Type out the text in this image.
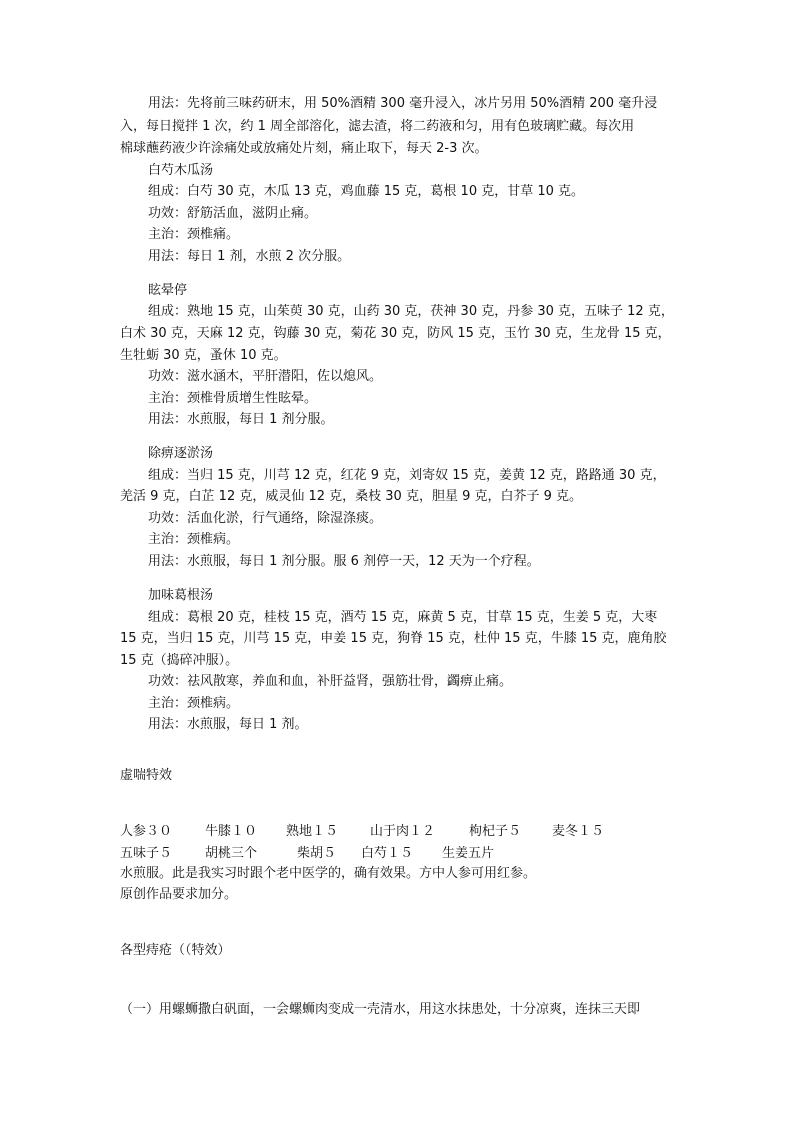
用法：先将前三味药研末，用 50%酒精 300 毫升浸入，冰片另用 50%酒精 200 毫升浸
入，每日搅拌 1 次，约 1 周全部溶化，滤去渣，将二药液和匀，用有色玻璃贮藏。每次用
棉球蘸药液少许涂痛处或放痛处片刻，痛止取下，每天 2-3 次。
白芍木瓜汤
组成：白芍 30 克，木瓜 13 克，鸡血藤 15 克，葛根 10 克，甘草 10 克。
功效：舒筋活血，滋阴止痛。
主治：颈椎痛。
用法：每日 1 剂，水煎 2 次分服。
眩晕停
组成：熟地 15 克，山茱萸 30 克，山药 30 克，茯神 30 克，丹参 30 克，五味子 12 克，
白术 30 克，天麻 12 克，钩藤 30 克，菊花 30 克，防风 15 克，玉竹 30 克，生龙骨 15 克，
生牡蛎 30 克，蚤休 10 克。
功效：滋水涵木，平肝潜阳，佐以熄风。
主治：颈椎骨质增生性眩晕。
用法：水煎服，每日 1 剂分服。
除痹逐淤汤
组成：当归 15 克，川芎 12 克，红花 9 克，刘寄奴 15 克，姜黄 12 克，路路通 30 克，
羌活 9 克，白芷 12 克，威灵仙 12 克，桑枝 30 克，胆星 9 克，白芥子 9 克。
功效：活血化淤，行气通络，除湿涤痰。
主治：颈椎病。
用法：水煎服，每日 1 剂分服。服 6 剂停一天，12 天为一个疗程。
加味葛根汤
组成：葛根 20 克，桂枝 15 克，酒芍 15 克，麻黄 5 克，甘草 15 克，生姜 5 克，大枣
15 克，当归 15 克，川芎 15 克，申姜 15 克，狗脊 15 克，杜仲 15 克，牛膝 15 克，鹿角胶
15 克（捣碎冲服）。
功效：祛风散寒，养血和血，补肝益肾，强筋壮骨，蠲痹止痛。
主治：颈椎病。
用法：水煎服，每日 1 剂。
虚喘特效
人参３０	牛膝１０ 熟地１５ 山于肉１２	枸杞子５ 麦冬１５
五味子５	胡桃三个	柴胡５ 白芍１５ 生姜五片
水煎服。此是我实习时跟个老中医学的，确有效果。方中人参可用红参。
原创作品要求加分。
各型痔疮（（特效）
（一）用螺蛳撒白矾面，一会螺蛳肉变成一壳清水，用这水抹患处，十分凉爽，连抹三天即
